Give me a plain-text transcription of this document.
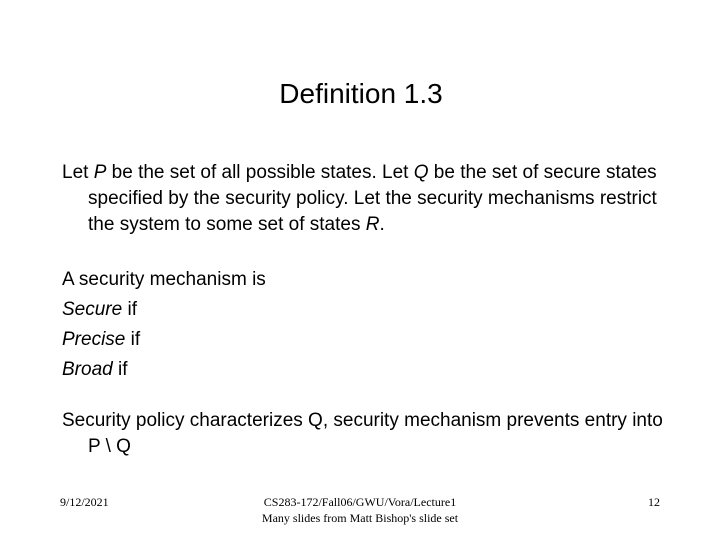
Definition 1.3
Let P be the set of all possible states. Let Q be the set of secure states specified by the security policy. Let the security mechanisms restrict the system to some set of states R.
A security mechanism is
Secure if
Precise if
Broad if
Security policy characterizes Q, security mechanism prevents entry into P \ Q
9/12/2021	CS283-172/Fall06/GWU/Vora/Lecture1
Many slides from Matt Bishop's slide set
12
